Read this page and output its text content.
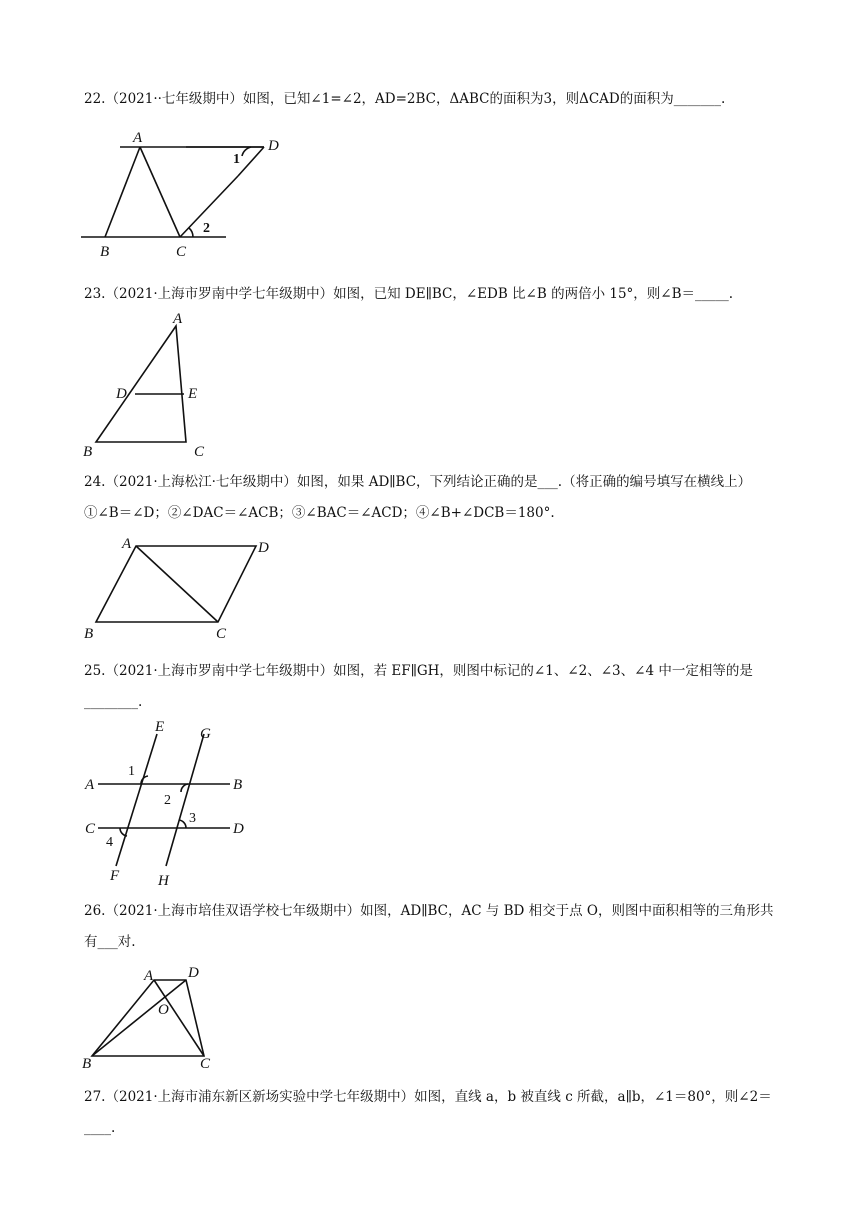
22.（2021··七年级期中）如图，已知∠1=∠2，AD=2BC，ΔABC的面积为3，则ΔCAD的面积为_______.
A
B	C
1
2
D
23.（2021·上海市罗南中学七年级期中）如图，已知 DE∥BC，∠EDB 比∠B 的两倍小 15°，则∠B＝_____.
A
D	E
B	C
24.（2021·上海松江·七年级期中）如图，如果 AD∥BC，下列结论正确的是___.（将正确的编号填写在横线上）①∠B＝∠D；②∠DAC＝∠ACB；③∠BAC＝∠ACD；④∠B+∠DCB＝180°.
A	D
B	C
25.（2021·上海市罗南中学七年级期中）如图，若 EF∥GH，则图中标记的∠1、∠2、∠3、∠4 中一定相等的是________.
E G
A	B
C	D
F	H
1
2
3
4
26.（2021·上海市培佳双语学校七年级期中）如图，AD∥BC，AC 与 BD 相交于点 O，则图中面积相等的三角形共有___对.
A D
O
B	C
27.（2021·上海市浦东新区新场实验中学七年级期中）如图，直线 a，b 被直线 c 所截，a∥b，∠1＝80°，则∠2＝____.
